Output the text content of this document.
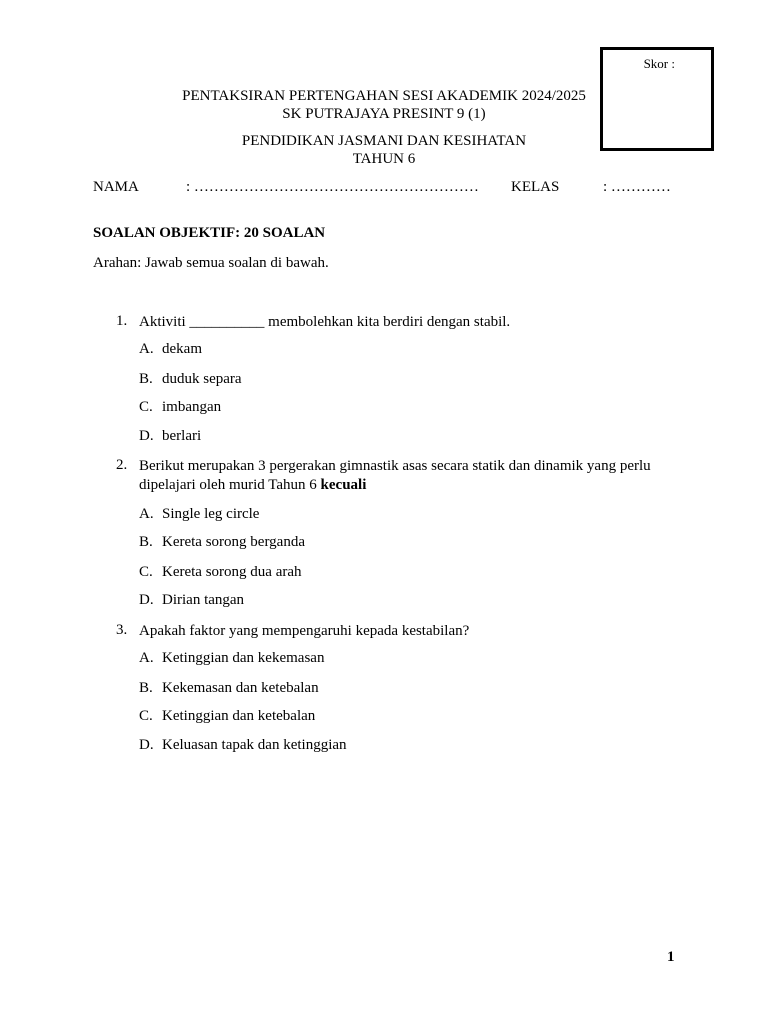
Skor :
PENTAKSIRAN PERTENGAHAN SESI AKADEMIK 2024/2025
SK PUTRAJAYA PRESINT 9 (1)
PENDIDIKAN JASMANI DAN KESIHATAN
TAHUN 6
NAMA	: ………………………………………………… KELAS	: …………
SOALAN OBJEKTIF: 20 SOALAN
Arahan: Jawab semua soalan di bawah.
1. Aktiviti __________ membolehkan kita berdiri dengan stabil.
A. dekam
B. duduk separa
C. imbangan
D. berlari
2. Berikut merupakan 3 pergerakan gimnastik asas secara statik dan dinamik yang perlu
dipelajari oleh murid Tahun 6 kecuali
A. Single leg circle
B. Kereta sorong berganda
C. Kereta sorong dua arah
D. Dirian tangan
3. Apakah faktor yang mempengaruhi kepada kestabilan?
A. Ketinggian dan kekemasan
B. Kekemasan dan ketebalan
C. Ketinggian dan ketebalan
D. Keluasan tapak dan ketinggian
1
